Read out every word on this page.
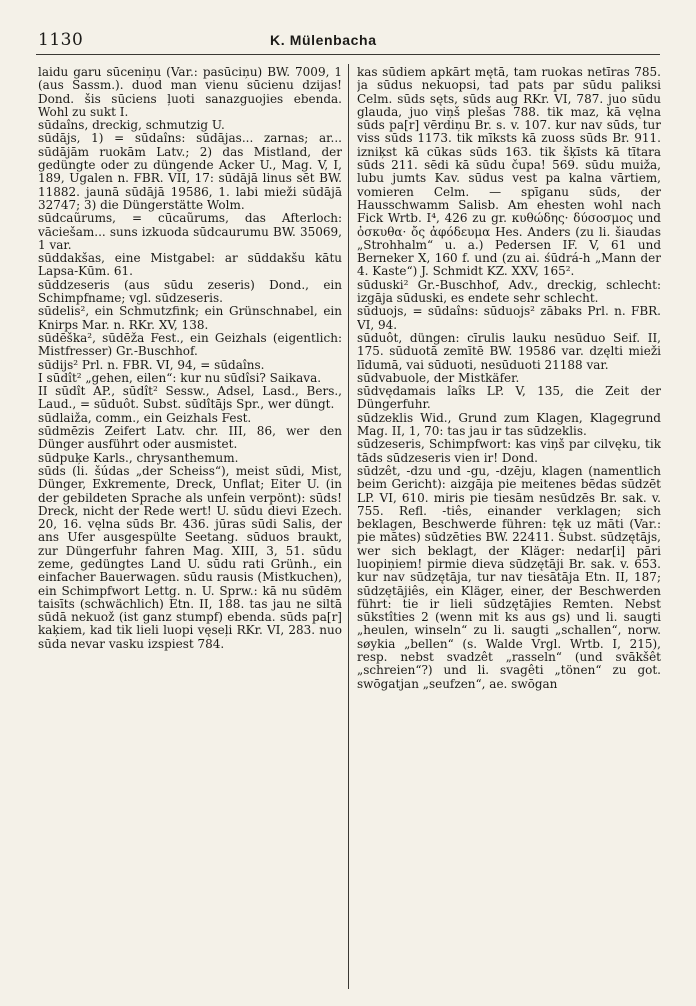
1130	K. Mülenbacha

laidu garu sūceniņu (Var.: pasūciņu) BW. 7009, 1 (aus Sassm.). duod man vienu sūcienu dzijas! Dond. šis sūciens ļuoti sanazguojies ebenda. Wohl zu sukt I.

sūdaîns, dreckig, schmutzig U.

sūdājs, 1) = sūdaîns: sūdājas... zarnas; ar... sūdājām ruokām Latv.; 2) das Mistland, der gedüngte oder zu düngende Acker U., Mag. V, I, 189, Ugalen n. FBR. VII, 17: sūdājā linus sēt BW. 11882. jaunā sūdājā 19586, 1. labi mieži sūdājā 32747; 3) die Düngerstätte Wolm.

sūdcaũrums, = cūcaũrums, das Afterloch: vāciešam... suns izkuoda sūdcaurumu BW. 35069, 1 var.

sūddakšas, eine Mistgabel: ar sūddakšu kātu Lapsa-Kūm. 61.

sūddzeseris (aus sūdu zeseris) Dond., ein Schimpfname; vgl. sūdzeseris.

sūdelis², ein Schmutzfink; ein Grünschnabel, ein Knirps Mar. n. RKr. XV, 138.

sūdēška², sūdēža Fest., ein Geizhals (eigentlich: Mistfresser) Gr.-Buschhof.

sūdijs² Prl. n. FBR. VI, 94, = sūdaîns.

I sūdît² „gehen, eilen“: kur nu sūdîsi? Saikava.

II sūdît AP., sūdît² Sessw., Adsel, Lasd., Bers., Laud., = sūduôt. Subst. sūdîtājs Spr., wer düngt.

sūdlaiža, comm., ein Geizhals Fest.

sūdmēzis Zeifert Latv. chr. III, 86, wer den Dünger ausführt oder ausmistet.

sūdpuķe Karls., chrysanthemum.

sūds (li. šúdas „der Scheiss“), meist sūdi, Mist, Dünger, Exkremente, Dreck, Unflat; Eiter U. (in der gebildeten Sprache als unfein verpönt): sūds! Dreck, nicht der Rede wert! U. sūdu dievi Ezech. 20, 16. vęlna sūds Br. 436. jūras sūdi Salis, der ans Ufer ausgespülte Seetang. sūduos braukt, zur Düngerfuhr fahren Mag. XIII, 3, 51. sūdu zeme, gedüngtes Land U. sūdu rati Grünh., ein einfacher Bauerwagen. sūdu rausis (Mistkuchen), ein Schimpfwort Lettg. n. U. Sprw.: kā nu sūdēm taisīts (schwächlich) Etn. II, 188. tas jau ne siltā sūdā nekuož (ist ganz stumpf) ebenda. sūds pa[r] kaķiem, kad tik lieli luopi vęseļi RKr. VI, 283. nuo sūda nevar vasku izspiest 784.

kas sūdiem apkārt mętā, tam ruokas netīras 785. ja sūdus nekuopsi, tad pats par sūdu paliksi Celm. sūds sęts, sūds aug RKr. VI, 787. juo sūdu glauda, juo viņš plešas 788. tik maz, kā vęlna sūds pa[r] vērdiņu Br. s. v. 107. kur nav sūds, tur viss sūds 1173. tik mīksts kā zuoss sūds Br. 911. izniķst kā cūkas sūds 163. tik šķīsts kā tītara sūds 211. sēdi kā sūdu čupa! 569. sūdu muiža, lubu jumts Kav. sūdus vest pa kalna vārtiem, vomieren Celm. — spīganu sūds, der Hausschwamm Salisb. Am ehesten wohl nach Fick Wrtb. I⁴, 426 zu gr. κυθώδης· δύσοσμος und ὀσκυθα· ὄς ἀφόδευμα Hes. Anders (zu li. šiaudas „Strohhalm“ u. a.) Pedersen IF. V, 61 und Berneker X, 160 f. und (zu ai. śūdrá-h „Mann der 4. Kaste“) J. Schmidt KZ. XXV, 165².

sūduski² Gr.-Buschhof, Adv., dreckig, schlecht: izgāja sūduski, es endete sehr schlecht.

sūduojs, = sūdaîns: sūduojs² zābaks Prl. n. FBR. VI, 94.

sūduôt, düngen: cīrulis lauku nesūduo Seif. II, 175. sūduotā zemītē BW. 19586 var. dzęlti mieži līdumā, vai sūduoti, nesūduoti 21188 var.

sūdvabuole, der Mistkäfer.

sūdvędamais laîks LP. V, 135, die Zeit der Düngerfuhr.

sūdzeklis Wid., Grund zum Klagen, Klagegrund Mag. II, 1, 70: tas jau ir tas sūdzeklis.

sūdzeseris, Schimpfwort: kas viņš par cilvęku, tik tāds sūdzeseris vien ir! Dond.

sūdzêt, -dzu und -gu, -dzēju, klagen (namentlich beim Gericht): aizgāja pie meitenes bēdas sūdzēt LP. VI, 610. miris pie tiesām nesūdzēs Br. sak. v. 755. Refl. -tiês, einander verklagen; sich beklagen, Beschwerde führen: tęk uz māti (Var.: pie mātes) sūdzēties BW. 22411. Subst. sūdzętājs, wer sich beklagt, der Kläger: nedar[i] pāri luopiņiem! pirmie dieva sūdzętāji Br. sak. v. 653. kur nav sūdzętāja, tur nav tiesātāja Etn. II, 187; sūdzętājiês, ein Kläger, einer, der Beschwerden führt: tie ir lieli sūdzętājies Remten. Nebst sūkstîties 2 (wenn mit ks aus gs) und li. saugti „heulen, winseln“ zu li. saugti „schallen“, norw. søykia „bellen“ (s. Walde Vrgl. Wrtb. I, 215), resp. nebst svadzêt „rasseln“ (und svākšêt „schreien“?) und li. svagêti „tönen“ zu got. swōgatjan „seufzen“, ae. swōgan
